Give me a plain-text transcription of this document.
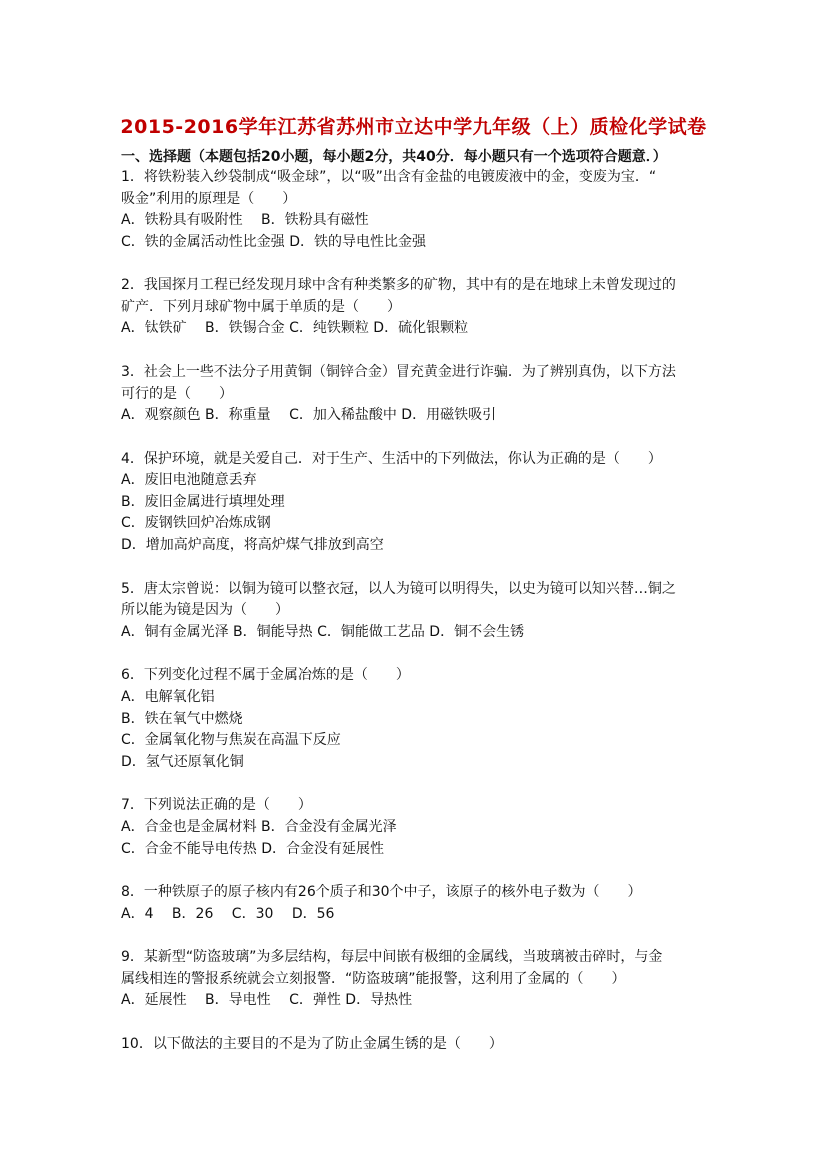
2015-2016学年江苏省苏州市立达中学九年级（上）质检化学试卷
一、选择题（本题包括20小题，每小题2分，共40分．每小题只有一个选项符合题意．）
1．将铁粉装入纱袋制成“吸金球”，以“吸”出含有金盐的电镀废液中的金，变废为宝．“
吸金”利用的原理是（　　）
A．铁粉具有吸附性　 B．铁粉具有磁性
C．铁的金属活动性比金强 D．铁的导电性比金强
2．我国探月工程已经发现月球中含有种类繁多的矿物，其中有的是在地球上未曾发现过的
矿产．下列月球矿物中属于单质的是（　　）
A．钛铁矿　 B．铁锡合金 C．纯铁颗粒 D．硫化银颗粒
3．社会上一些不法分子用黄铜（铜锌合金）冒充黄金进行诈骗．为了辨别真伪，以下方法
可行的是（　　）
A．观察颜色 B．称重量　 C．加入稀盐酸中 D．用磁铁吸引
4．保护环境，就是关爱自己．对于生产、生活中的下列做法，你认为正确的是（　　）
A．废旧电池随意丢弃
B．废旧金属进行填埋处理
C．废钢铁回炉冶炼成钢
D．增加高炉高度，将高炉煤气排放到高空
5．唐太宗曾说：以铜为镜可以整衣冠，以人为镜可以明得失，以史为镜可以知兴替…铜之
所以能为镜是因为（　　）
A．铜有金属光泽 B．铜能导热 C．铜能做工艺品 D．铜不会生锈
6．下列变化过程不属于金属冶炼的是（　　）
A．电解氧化铝
B．铁在氧气中燃烧
C．金属氧化物与焦炭在高温下反应
D．氢气还原氧化铜
7．下列说法正确的是（　　）
A．合金也是金属材料 B．合金没有金属光泽
C．合金不能导电传热 D．合金没有延展性
8．一种铁原子的原子核内有26个质子和30个中子，该原子的核外电子数为（　　）
A．4　 B．26　 C．30　 D．56
9．某新型“防盗玻璃”为多层结构，每层中间嵌有极细的金属线，当玻璃被击碎时，与金
属线相连的警报系统就会立刻报警．“防盗玻璃”能报警，这利用了金属的（　　）
A．延展性　 B．导电性　 C．弹性 D．导热性
10．以下做法的主要目的不是为了防止金属生锈的是（　　）
